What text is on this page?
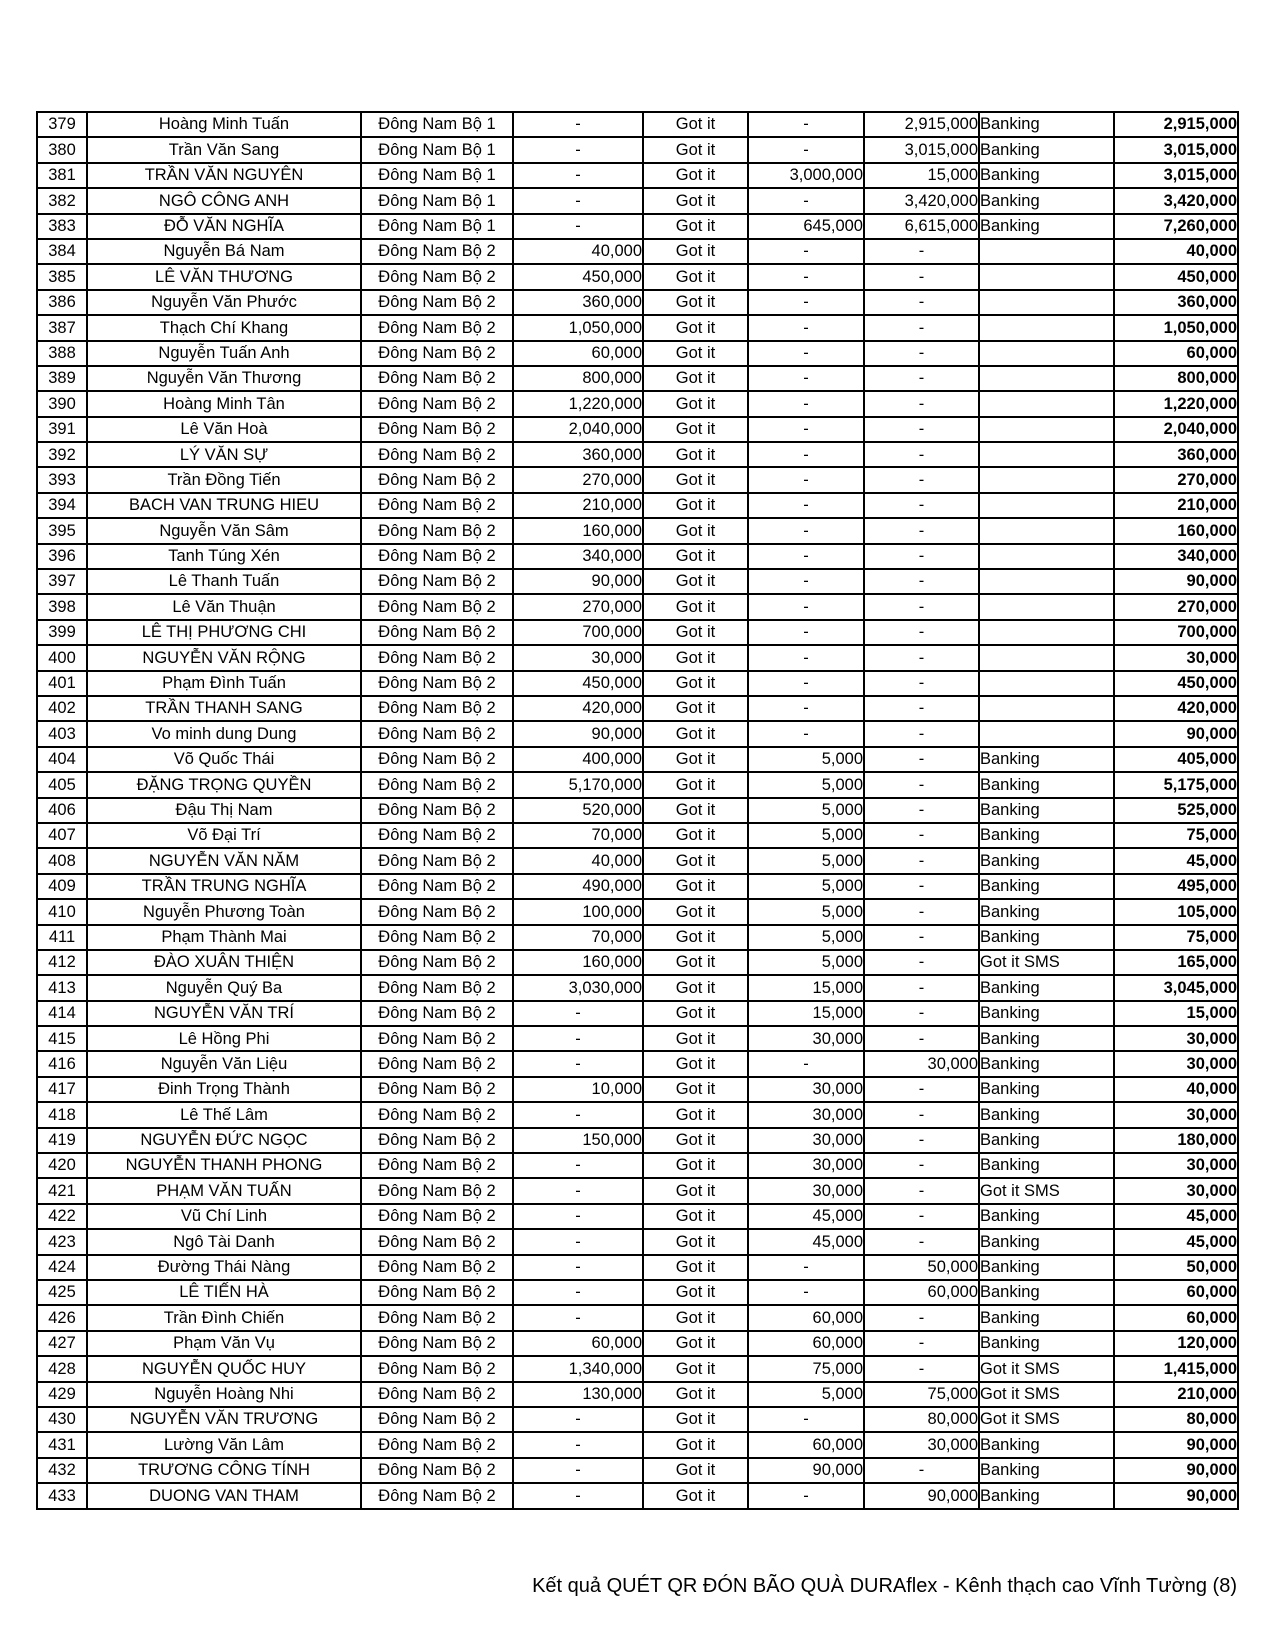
379	Hoàng Minh Tuấn	Đông Nam Bộ 1	-	Got it	-	2,915,000	Banking	2,915,000
380	Trần Văn Sang	Đông Nam Bộ 1	-	Got it	-	3,015,000	Banking	3,015,000
381	TRẦN VĂN NGUYÊN	Đông Nam Bộ 1	-	Got it	3,000,000	15,000	Banking	3,015,000
382	NGÔ CÔNG ANH	Đông Nam Bộ 1	-	Got it	-	3,420,000	Banking	3,420,000
383	ĐỖ VĂN NGHĨA	Đông Nam Bộ 1	-	Got it	645,000	6,615,000	Banking	7,260,000
384	Nguyễn Bá Nam	Đông Nam Bộ 2	40,000	Got it	-	-		40,000
385	LÊ VĂN THƯƠNG	Đông Nam Bộ 2	450,000	Got it	-	-		450,000
386	Nguyễn Văn Phước	Đông Nam Bộ 2	360,000	Got it	-	-		360,000
387	Thạch Chí Khang	Đông Nam Bộ 2	1,050,000	Got it	-	-		1,050,000
388	Nguyễn Tuấn Anh	Đông Nam Bộ 2	60,000	Got it	-	-		60,000
389	Nguyễn Văn Thương	Đông Nam Bộ 2	800,000	Got it	-	-		800,000
390	Hoàng Minh Tân	Đông Nam Bộ 2	1,220,000	Got it	-	-		1,220,000
391	Lê Văn Hoà	Đông Nam Bộ 2	2,040,000	Got it	-	-		2,040,000
392	LÝ VĂN SỰ	Đông Nam Bộ 2	360,000	Got it	-	-		360,000
393	Trần Đồng Tiến	Đông Nam Bộ 2	270,000	Got it	-	-		270,000
394	BACH VAN TRUNG HIEU	Đông Nam Bộ 2	210,000	Got it	-	-		210,000
395	Nguyễn Văn Sâm	Đông Nam Bộ 2	160,000	Got it	-	-		160,000
396	Tanh Túng Xén	Đông Nam Bộ 2	340,000	Got it	-	-		340,000
397	Lê Thanh Tuấn	Đông Nam Bộ 2	90,000	Got it	-	-		90,000
398	Lê Văn Thuận	Đông Nam Bộ 2	270,000	Got it	-	-		270,000
399	LÊ THỊ PHƯƠNG CHI	Đông Nam Bộ 2	700,000	Got it	-	-		700,000
400	NGUYỄN VĂN RỘNG	Đông Nam Bộ 2	30,000	Got it	-	-		30,000
401	Phạm Đình Tuấn	Đông Nam Bộ 2	450,000	Got it	-	-		450,000
402	TRẦN THANH SANG	Đông Nam Bộ 2	420,000	Got it	-	-		420,000
403	Vo minh dung Dung	Đông Nam Bộ 2	90,000	Got it	-	-		90,000
404	Võ Quốc Thái	Đông Nam Bộ 2	400,000	Got it	5,000	-	Banking	405,000
405	ĐẶNG TRỌNG QUYỀN	Đông Nam Bộ 2	5,170,000	Got it	5,000	-	Banking	5,175,000
406	Đậu Thị Nam	Đông Nam Bộ 2	520,000	Got it	5,000	-	Banking	525,000
407	Võ Đại Trí	Đông Nam Bộ 2	70,000	Got it	5,000	-	Banking	75,000
408	NGUYỄN VĂN NĂM	Đông Nam Bộ 2	40,000	Got it	5,000	-	Banking	45,000
409	TRẦN TRUNG NGHĨA	Đông Nam Bộ 2	490,000	Got it	5,000	-	Banking	495,000
410	Nguyễn Phương Toàn	Đông Nam Bộ 2	100,000	Got it	5,000	-	Banking	105,000
411	Phạm Thành Mai	Đông Nam Bộ 2	70,000	Got it	5,000	-	Banking	75,000
412	ĐÀO XUÂN THIỆN	Đông Nam Bộ 2	160,000	Got it	5,000	-	Got it SMS	165,000
413	Nguyễn Quý Ba	Đông Nam Bộ 2	3,030,000	Got it	15,000	-	Banking	3,045,000
414	NGUYỄN VĂN TRÍ	Đông Nam Bộ 2	-	Got it	15,000	-	Banking	15,000
415	Lê Hồng Phi	Đông Nam Bộ 2	-	Got it	30,000	-	Banking	30,000
416	Nguyễn Văn Liệu	Đông Nam Bộ 2	-	Got it	-	30,000	Banking	30,000
417	Đinh Trọng Thành	Đông Nam Bộ 2	10,000	Got it	30,000	-	Banking	40,000
418	Lê Thế Lâm	Đông Nam Bộ 2	-	Got it	30,000	-	Banking	30,000
419	NGUYỄN ĐỨC NGỌC	Đông Nam Bộ 2	150,000	Got it	30,000	-	Banking	180,000
420	NGUYỄN THANH PHONG	Đông Nam Bộ 2	-	Got it	30,000	-	Banking	30,000
421	PHẠM VĂN TUẤN	Đông Nam Bộ 2	-	Got it	30,000	-	Got it SMS	30,000
422	Vũ Chí Linh	Đông Nam Bộ 2	-	Got it	45,000	-	Banking	45,000
423	Ngô Tài Danh	Đông Nam Bộ 2	-	Got it	45,000	-	Banking	45,000
424	Đường Thái Nàng	Đông Nam Bộ 2	-	Got it	-	50,000	Banking	50,000
425	LÊ TIẾN HÀ	Đông Nam Bộ 2	-	Got it	-	60,000	Banking	60,000
426	Trần Đình Chiến	Đông Nam Bộ 2	-	Got it	60,000	-	Banking	60,000
427	Phạm Văn Vụ	Đông Nam Bộ 2	60,000	Got it	60,000	-	Banking	120,000
428	NGUYỄN QUỐC HUY	Đông Nam Bộ 2	1,340,000	Got it	75,000	-	Got it SMS	1,415,000
429	Nguyễn Hoàng Nhi	Đông Nam Bộ 2	130,000	Got it	5,000	75,000	Got it SMS	210,000
430	NGUYỄN VĂN TRƯƠNG	Đông Nam Bộ 2	-	Got it	-	80,000	Got it SMS	80,000
431	Lường Văn Lâm	Đông Nam Bộ 2	-	Got it	60,000	30,000	Banking	90,000
432	TRƯƠNG CÔNG TÍNH	Đông Nam Bộ 2	-	Got it	90,000	-	Banking	90,000
433	DUONG VAN THAM	Đông Nam Bộ 2	-	Got it	-	90,000	Banking	90,000
Kết quả QUÉT QR ĐÓN BÃO QUÀ DURAflex - Kênh thạch cao Vĩnh Tường (8)
